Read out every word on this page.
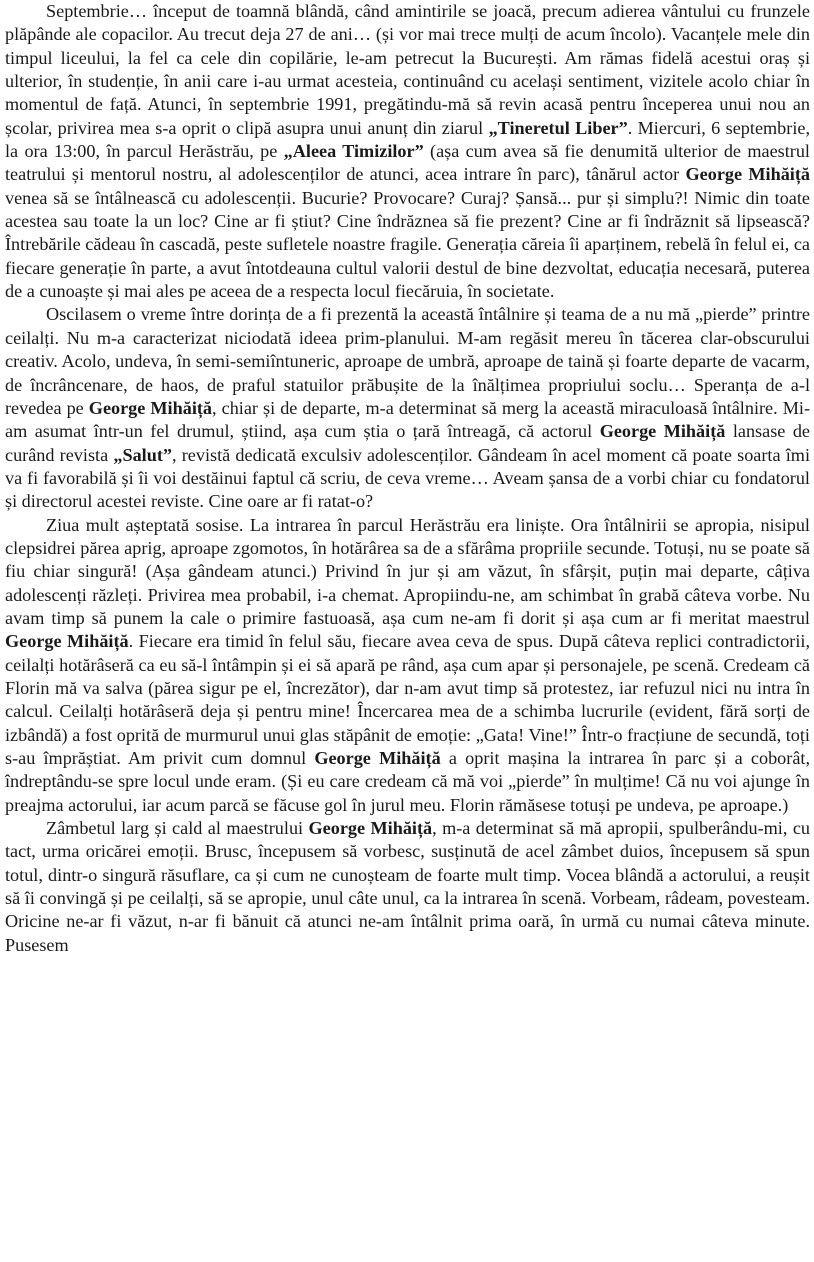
Septembrie… început de toamnă blândă, când amintirile se joacă, precum adierea vântului cu frunzele plăpânde ale copacilor. Au trecut deja 27 de ani… (și vor mai trece mulți de acum încolo). Vacanțele mele din timpul liceului, la fel ca cele din copilărie, le-am petrecut la București. Am rămas fidelă acestui oraș și ulterior, în studenție, în anii care i-au urmat acesteia, continuând cu același sentiment, vizitele acolo chiar în momentul de față. Atunci, în septembrie 1991, pregătindu-mă să revin acasă pentru începerea unui nou an școlar, privirea mea s-a oprit o clipă asupra unui anunț din ziarul „Tineretul Liber”. Miercuri, 6 septembrie, la ora 13:00, în parcul Herăstrău, pe „Aleea Timizilor” (așa cum avea să fie denumită ulterior de maestrul teatrului și mentorul nostru, al adolescenților de atunci, acea intrare în parc), tânărul actor George Mihăiță venea să se întâlnească cu adolescenții. Bucurie? Provocare? Curaj? Șansă... pur și simplu?! Nimic din toate acestea sau toate la un loc? Cine ar fi știut? Cine îndrăznea să fie prezent? Cine ar fi îndrăznit să lipsească? Întrebările cădeau în cascadă, peste sufletele noastre fragile. Generația căreia îi aparținem, rebelă în felul ei, ca fiecare generație în parte, a avut întotdeauna cultul valorii destul de bine dezvoltat, educația necesară, puterea de a cunoaște și mai ales pe aceea de a respecta locul fiecăruia, în societate.

Oscilasem o vreme între dorința de a fi prezentă la această întâlnire și teama de a nu mă „pierde” printre ceilalți. Nu m-a caracterizat niciodată ideea prim-planului. M-am regăsit mereu în tăcerea clar-obscurului creativ. Acolo, undeva, în semi-semiîntuneric, aproape de umbră, aproape de taină și foarte departe de vacarm, de încrâncenare, de haos, de praful statuilor prăbușite de la înălțimea propriului soclu… Speranța de a-l revedea pe George Mihăiță, chiar și de departe, m-a determinat să merg la această miraculoasă întâlnire. Mi-am asumat într-un fel drumul, știind, așa cum știa o țară întreagă, că actorul George Mihăiță lansase de curând revista „Salut”, revistă dedicată exculsiv adolescenților. Gândeam în acel moment că poate soarta îmi va fi favorabilă și îi voi destăinui faptul că scriu, de ceva vreme… Aveam șansa de a vorbi chiar cu fondatorul și directorul acestei reviste. Cine oare ar fi ratat-o?

Ziua mult așteptată sosise. La intrarea în parcul Herăstrău era liniște. Ora întâlnirii se apropia, nisipul clepsidrei părea aprig, aproape zgomotos, în hotărârea sa de a sfărâma propriile secunde. Totuși, nu se poate să fiu chiar singură! (Așa gândeam atunci.) Privind în jur și am văzut, în sfârșit, puțin mai departe, câțiva adolescenți răzleți. Privirea mea probabil, i-a chemat. Apropiindu-ne, am schimbat în grabă câteva vorbe. Nu avam timp să punem la cale o primire fastuoasă, așa cum ne-am fi dorit și așa cum ar fi meritat maestrul George Mihăiță. Fiecare era timid în felul său, fiecare avea ceva de spus. După câteva replici contradictorii, ceilalți hotărâseră ca eu să-l întâmpin și ei să apară pe rând, așa cum apar și personajele, pe scenă. Credeam că Florin mă va salva (părea sigur pe el, încrezător), dar n-am avut timp să protestez, iar refuzul nici nu intra în calcul. Ceilalți hotărâseră deja și pentru mine! Încercarea mea de a schimba lucrurile (evident, fără sorți de izbândă) a fost oprită de murmurul unui glas stăpânit de emoție: „Gata! Vine!” Într-o fracțiune de secundă, toți s-au împrăștiat. Am privit cum domnul George Mihăiță a oprit mașina la intrarea în parc și a coborât, îndreptându-se spre locul unde eram. (Și eu care credeam că mă voi „pierde” în mulțime! Că nu voi ajunge în preajma actorului, iar acum parcă se făcuse gol în jurul meu. Florin rămăsese totuși pe undeva, pe aproape.)

Zâmbetul larg și cald al maestrului George Mihăiță, m-a determinat să mă apropii, spulberându-mi, cu tact, urma oricărei emoții. Brusc, începusem să vorbesc, susținută de acel zâmbet duios, începusem să spun totul, dintr-o singură răsuflare, ca și cum ne cunoșteam de foarte mult timp. Vocea blândă a actorului, a reușit să îi convingă și pe ceilalți, să se apropie, unul câte unul, ca la intrarea în scenă. Vorbeam, râdeam, povesteam. Oricine ne-ar fi văzut, n-ar fi bănuit că atunci ne-am întâlnit prima oară, în urmă cu numai câteva minute. Pusesem
